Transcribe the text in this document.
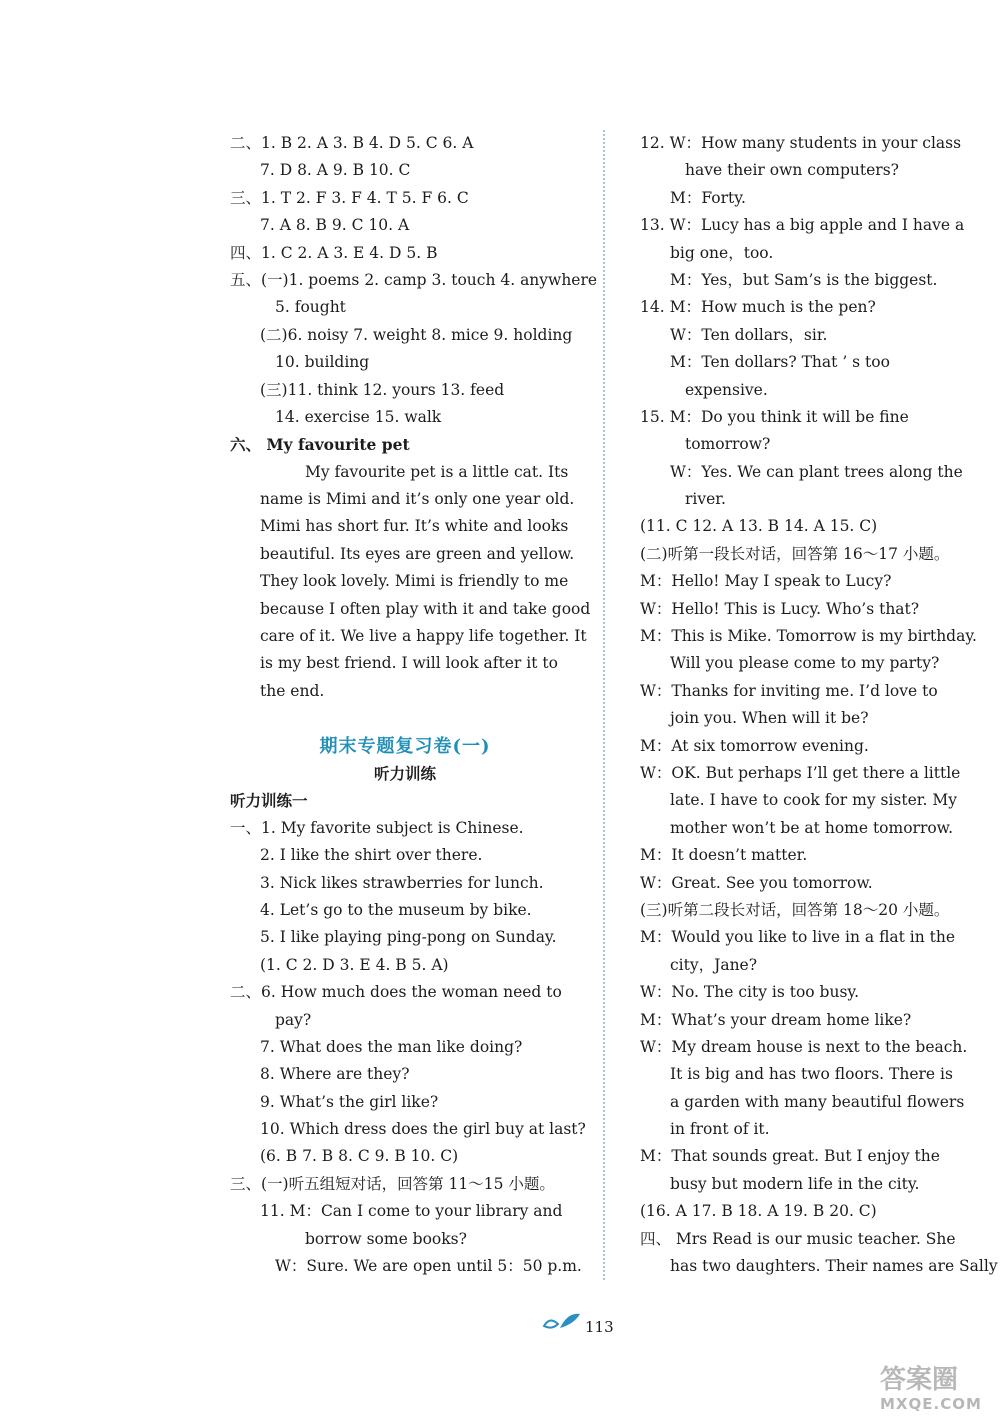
二、1. B 2. A 3. B 4. D 5. C 6. A
7. D 8. A 9. B 10. C
三、1. T 2. F 3. F 4. T 5. F 6. C
7. A 8. B 9. C 10. A
四、1. C 2. A 3. E 4. D 5. B
五、(一)1. poems 2. camp 3. touch 4. anywhere
5. fought
(二)6. noisy 7. weight 8. mice 9. holding
10. building
(三)11. think 12. yours 13. feed
14. exercise 15. walk
六、 My favourite pet
My favourite pet is a little cat. Its
name is Mimi and it’s only one year old.
Mimi has short fur. It’s white and looks
beautiful. Its eyes are green and yellow.
They look lovely. Mimi is friendly to me
because I often play with it and take good
care of it. We live a happy life together. It
is my best friend. I will look after it to
the end.
期末专题复习卷(一)
听力训练
听力训练一
一、1. My favorite subject is Chinese.
2. I like the shirt over there.
3. Nick likes strawberries for lunch.
4. Let’s go to the museum by bike.
5. I like playing ping-pong on Sunday.
(1. C 2. D 3. E 4. B 5. A)
二、6. How much does the woman need to
pay?
7. What does the man like doing?
8. Where are they?
9. What’s the girl like?
10. Which dress does the girl buy at last?
(6. B 7. B 8. C 9. B 10. C)
三、(一)听五组短对话，回答第 11～15 小题。
11. M：Can I come to your library and
borrow some books?
W：Sure. We are open until 5：50 p.m.
12. W：How many students in your class
have their own computers?
M：Forty.
13. W：Lucy has a big apple and I have a
big one，too.
M：Yes，but Sam’s is the biggest.
14. M：How much is the pen?
W：Ten dollars，sir.
M：Ten dollars? That ’ s too
expensive.
15. M：Do you think it will be fine
tomorrow?
W：Yes. We can plant trees along the
river.
(11. C 12. A 13. B 14. A 15. C)
(二)听第一段长对话，回答第 16～17 小题。
M：Hello! May I speak to Lucy?
W：Hello! This is Lucy. Who’s that?
M：This is Mike. Tomorrow is my birthday.
Will you please come to my party?
W：Thanks for inviting me. I’d love to
join you. When will it be?
M：At six tomorrow evening.
W：OK. But perhaps I’ll get there a little
late. I have to cook for my sister. My
mother won’t be at home tomorrow.
M：It doesn’t matter.
W：Great. See you tomorrow.
(三)听第二段长对话，回答第 18～20 小题。
M：Would you like to live in a flat in the
city，Jane?
W：No. The city is too busy.
M：What’s your dream home like?
W：My dream house is next to the beach.
It is big and has two floors. There is
a garden with many beautiful flowers
in front of it.
M：That sounds great. But I enjoy the
busy but modern life in the city.
(16. A 17. B 18. A 19. B 20. C)
四、 Mrs Read is our music teacher. She
has two daughters. Their names are Sally
113
答案圈
MXQE.COM
